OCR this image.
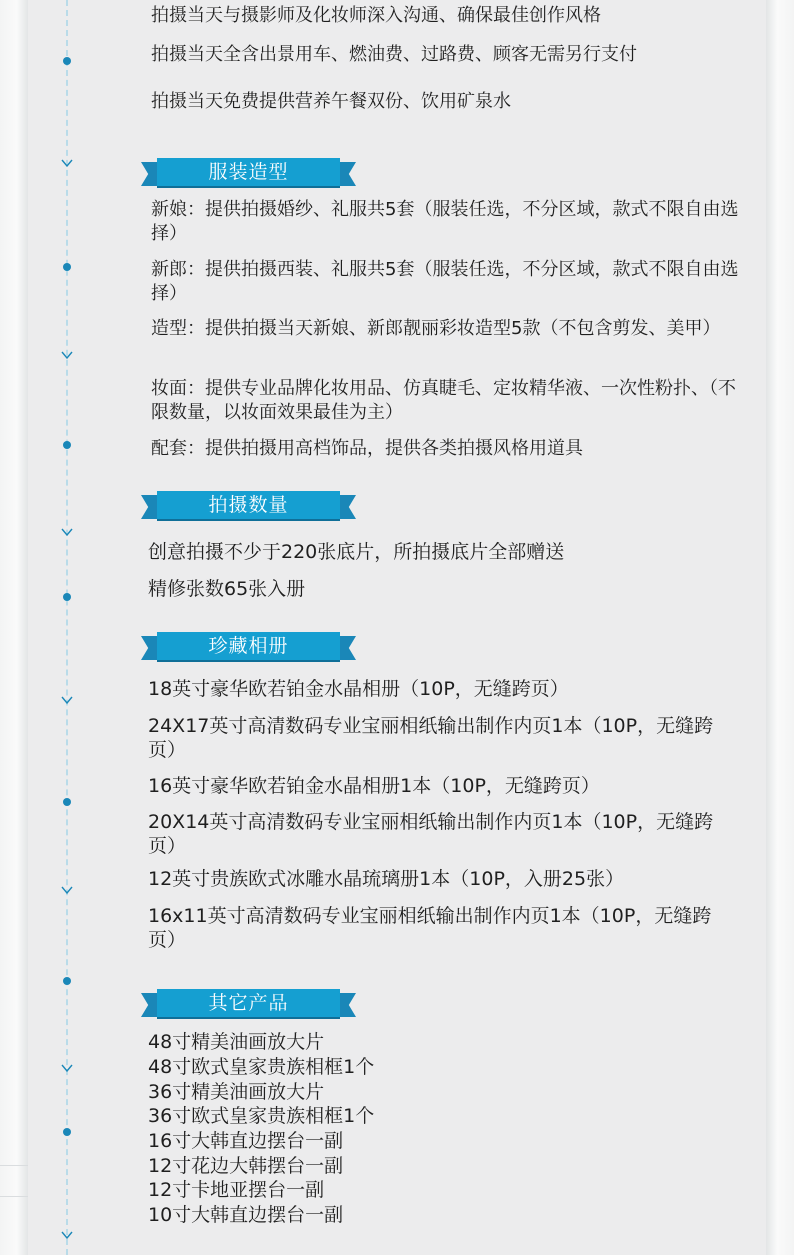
拍摄当天与摄影师及化妆师深入沟通、确保最佳创作风格
拍摄当天全含出景用车、燃油费、过路费、顾客无需另行支付
拍摄当天免费提供营养午餐双份、饮用矿泉水
服装造型
新娘：提供拍摄婚纱、礼服共5套（服装任选，不分区域，款式不限自由选择）
新郎：提供拍摄西装、礼服共5套（服装任选，不分区域，款式不限自由选择）
造型：提供拍摄当天新娘、新郎靓丽彩妆造型5款（不包含剪发、美甲）
妆面：提供专业品牌化妆用品、仿真睫毛、定妆精华液、一次性粉扑、（不限数量，以妆面效果最佳为主）
配套：提供拍摄用高档饰品，提供各类拍摄风格用道具
拍摄数量
创意拍摄不少于220张底片，所拍摄底片全部赠送
精修张数65张入册
珍藏相册
18英寸豪华欧若铂金水晶相册（10P，无缝跨页）
24X17英寸高清数码专业宝丽相纸输出制作内页1本（10P，无缝跨页）
16英寸豪华欧若铂金水晶相册1本（10P，无缝跨页）
20X14英寸高清数码专业宝丽相纸输出制作内页1本（10P，无缝跨页）
12英寸贵族欧式冰雕水晶琉璃册1本（10P，入册25张）
16x11英寸高清数码专业宝丽相纸输出制作内页1本（10P，无缝跨页）
其它产品
48寸精美油画放大片
48寸欧式皇家贵族相框1个
36寸精美油画放大片
36寸欧式皇家贵族相框1个
16寸大韩直边摆台一副
12寸花边大韩摆台一副
12寸卡地亚摆台一副
10寸大韩直边摆台一副
